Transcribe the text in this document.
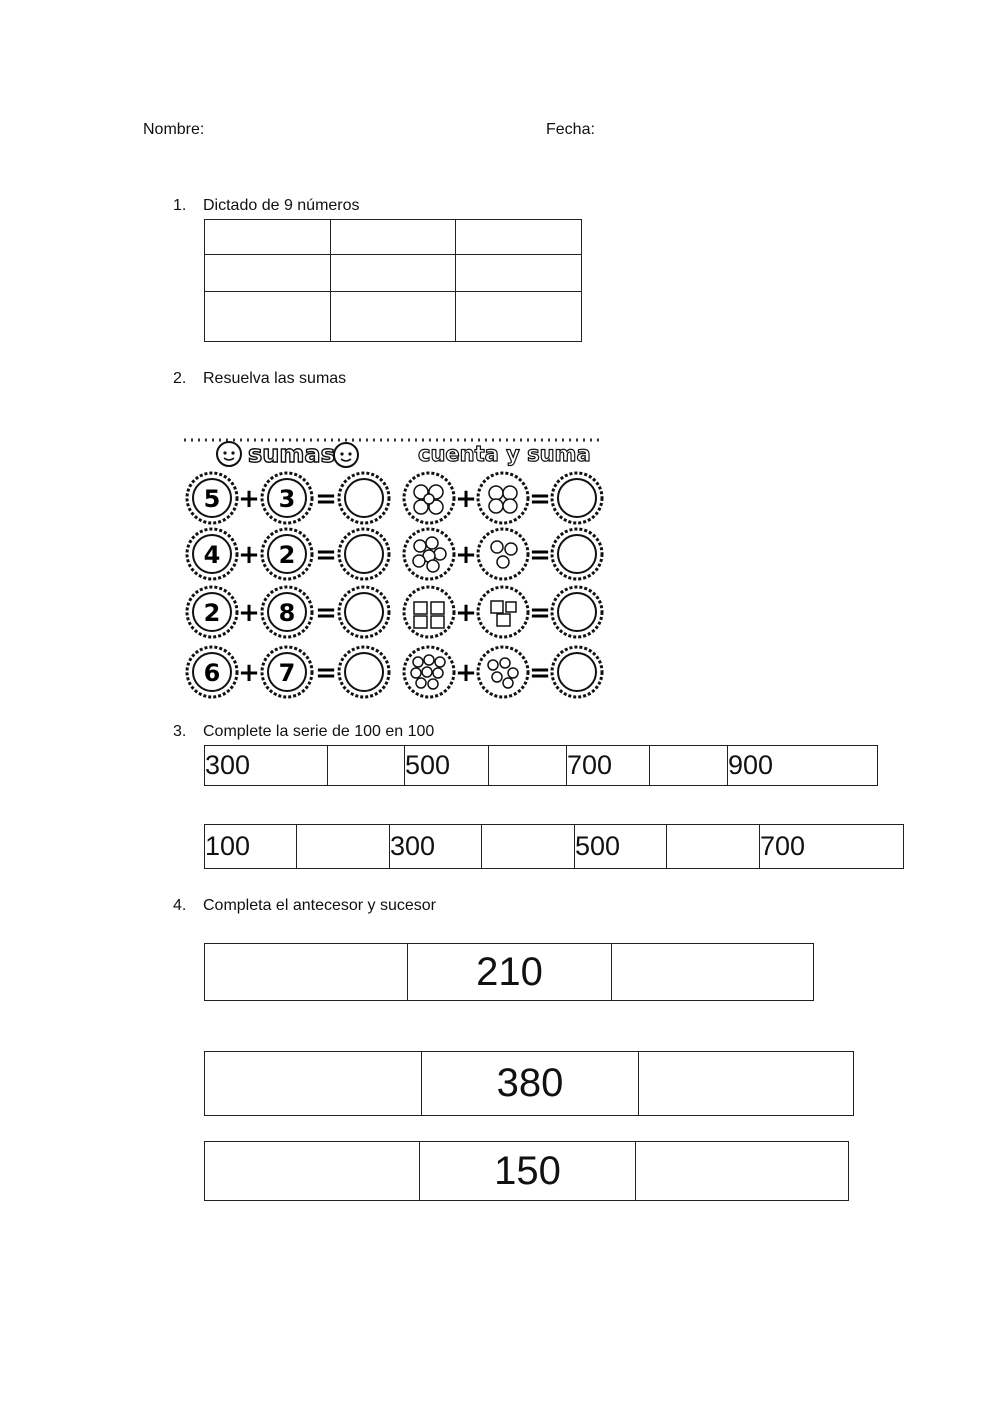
Nombre:	Fecha:
1. Dictado de 9 números

2. Resuelva las sumas
sumas	cuenta y suma
5 + 3 =
4 + 2 =
2 + 8 =
6 + 7 =
+ =
+ =
+ =
+ =
3. Complete la serie de 100 en 100
300		500		700		900
100		300		500		700
4. Completa el antecesor y sucesor
	210	
	380	
	150	
